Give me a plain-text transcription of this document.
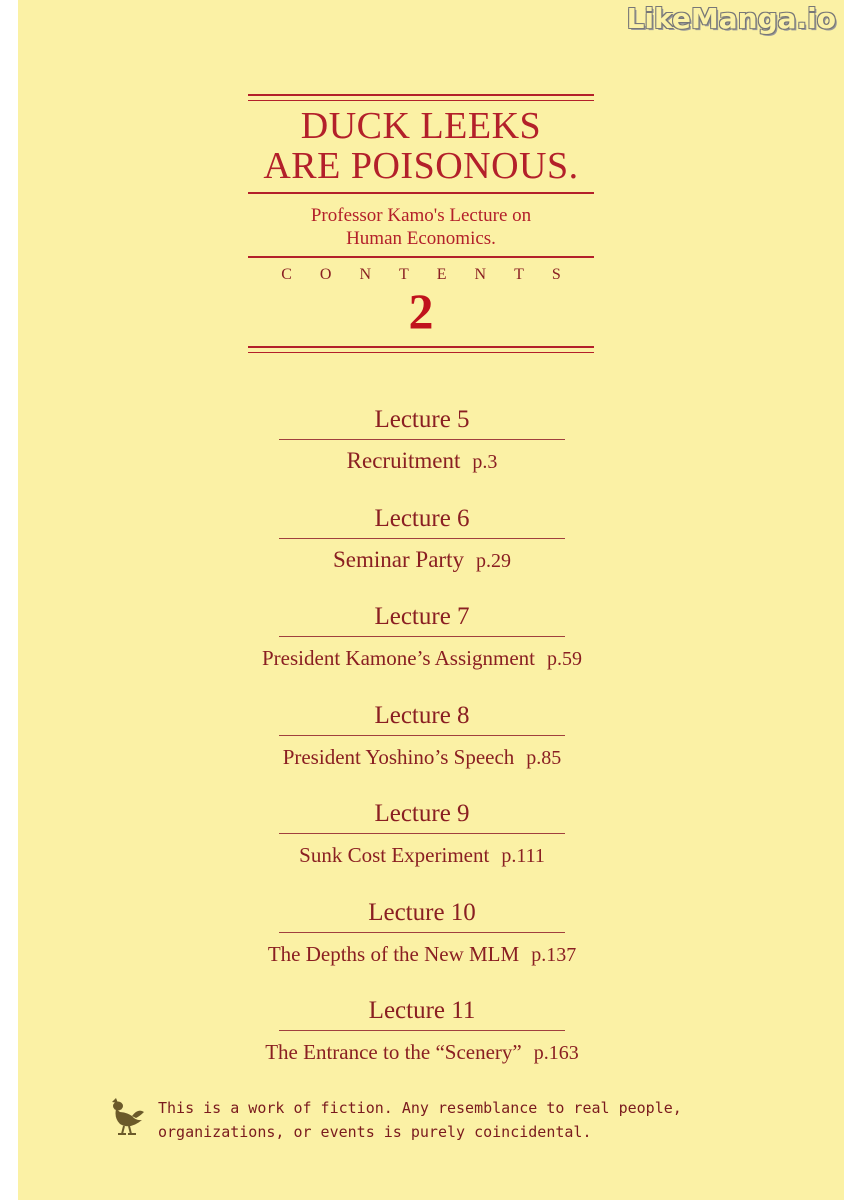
LikeManga.io
DUCK LEEKS
ARE POISONOUS.
Professor Kamo's Lecture on
Human Economics.
CONTENTS
2
Lecture 5
Recruitment p.3
Lecture 6
Seminar Party p.29
Lecture 7
President Kamone’s Assignment p.59
Lecture 8
President Yoshino’s Speech p.85
Lecture 9
Sunk Cost Experiment p.111
Lecture 10
The Depths of the New MLM p.137
Lecture 11
The Entrance to the “Scenery” p.163
This is a work of fiction. Any resemblance to real people,
organizations, or events is purely coincidental.
